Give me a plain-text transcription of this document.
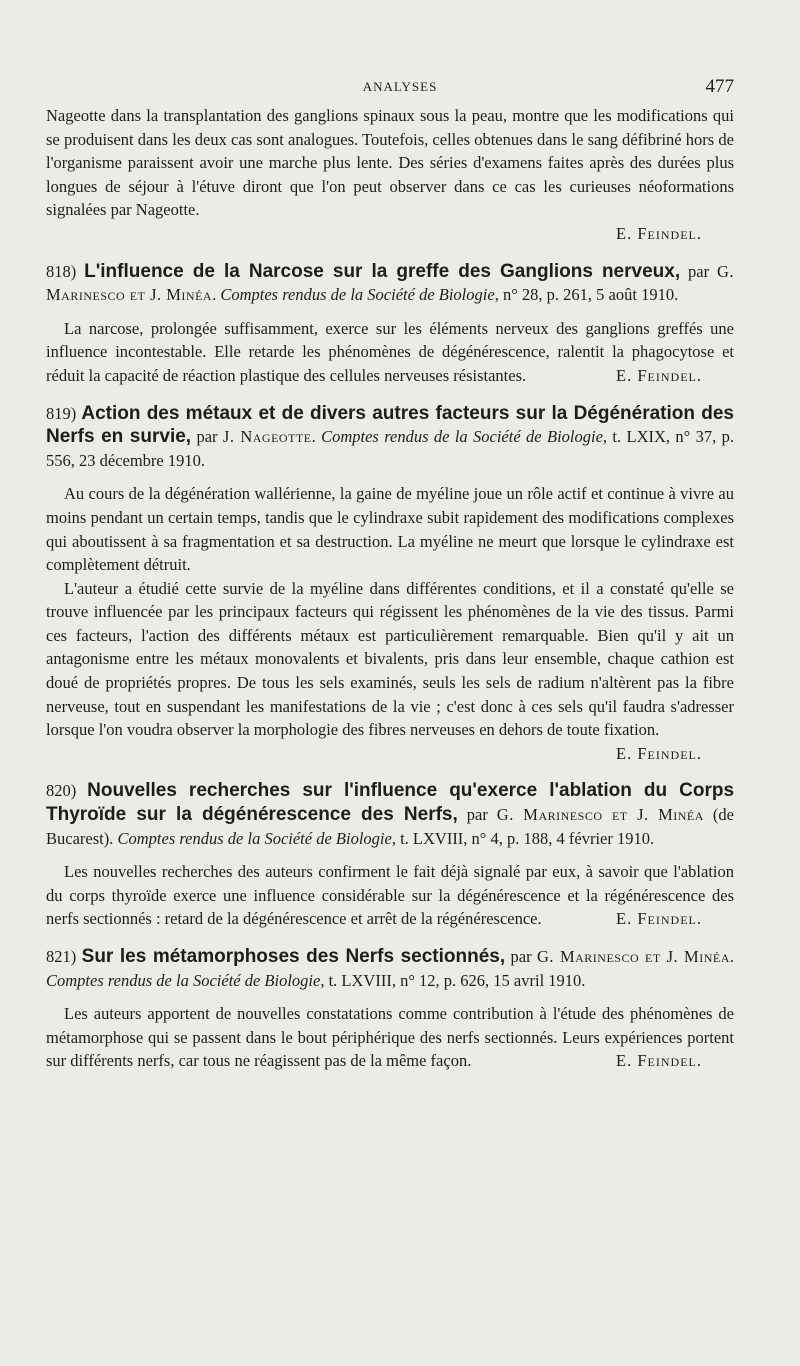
ANALYSES	477

Nageotte dans la transplantation des ganglions spinaux sous la peau, montre que les modifications qui se produisent dans les deux cas sont analogues. Toutefois, celles obtenues dans le sang défibriné hors de l'organisme paraissent avoir une marche plus lente. Des séries d'examens faites après des durées plus longues de séjour à l'étuve diront que l'on peut observer dans ce cas les curieuses néoformations signalées par Nageotte.

E. Feindel.

818) L'influence de la Narcose sur la greffe des Ganglions nerveux, par G. Marinesco et J. Minéa. Comptes rendus de la Société de Biologie, n° 28, p. 261, 5 août 1910.

La narcose, prolongée suffisamment, exerce sur les éléments nerveux des ganglions greffés une influence incontestable. Elle retarde les phénomènes de dégénérescence, ralentit la phagocytose et réduit la capacité de réaction plastique des cellules nerveuses résistantes.	E. Feindel.

819) Action des métaux et de divers autres facteurs sur la Dégénération des Nerfs en survie, par J. Nageotte. Comptes rendus de la Société de Biologie, t. LXIX, n° 37, p. 556, 23 décembre 1910.

Au cours de la dégénération wallérienne, la gaine de myéline joue un rôle actif et continue à vivre au moins pendant un certain temps, tandis que le cylindraxe subit rapidement des modifications complexes qui aboutissent à sa fragmentation et sa destruction. La myéline ne meurt que lorsque le cylindraxe est complètement détruit.

L'auteur a étudié cette survie de la myéline dans différentes conditions, et il a constaté qu'elle se trouve influencée par les principaux facteurs qui régissent les phénomènes de la vie des tissus. Parmi ces facteurs, l'action des différents métaux est particulièrement remarquable. Bien qu'il y ait un antagonisme entre les métaux monovalents et bivalents, pris dans leur ensemble, chaque cathion est doué de propriétés propres. De tous les sels examinés, seuls les sels de radium n'altèrent pas la fibre nerveuse, tout en suspendant les manifestations de la vie ; c'est donc à ces sels qu'il faudra s'adresser lorsque l'on voudra observer la morphologie des fibres nerveuses en dehors de toute fixation.

E. Feindel.

820) Nouvelles recherches sur l'influence qu'exerce l'ablation du Corps Thyroïde sur la dégénérescence des Nerfs, par G. Marinesco et J. Minéa (de Bucarest). Comptes rendus de la Société de Biologie, t. LXVIII, n° 4, p. 188, 4 février 1910.

Les nouvelles recherches des auteurs confirment le fait déjà signalé par eux, à savoir que l'ablation du corps thyroïde exerce une influence considérable sur la dégénérescence et la régénérescence des nerfs sectionnés : retard de la dégénérescence et arrêt de la régénérescence.	E. Feindel.

821) Sur les métamorphoses des Nerfs sectionnés, par G. Marinesco et J. Minéa. Comptes rendus de la Société de Biologie, t. LXVIII, n° 12, p. 626, 15 avril 1910.

Les auteurs apportent de nouvelles constatations comme contribution à l'étude des phénomènes de métamorphose qui se passent dans le bout périphérique des nerfs sectionnés. Leurs expériences portent sur différents nerfs, car tous ne réagissent pas de la même façon.	E. Feindel.
